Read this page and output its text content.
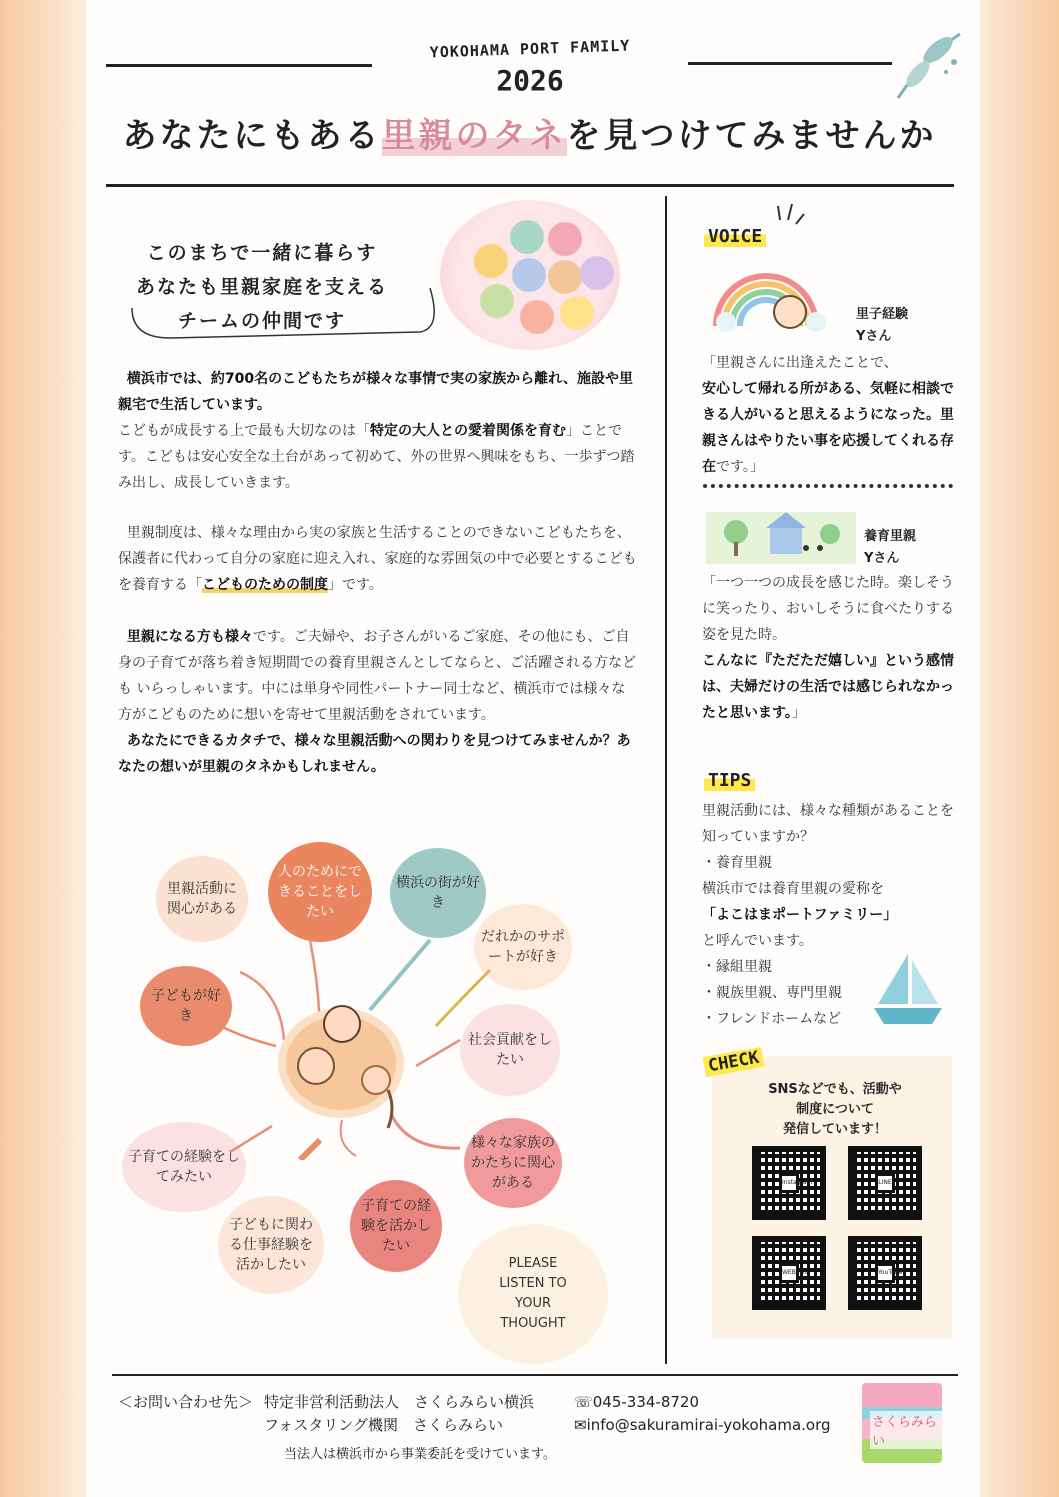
YOKOHAMA PORT FAMILY
2026
あなたにもある里親のタネを見つけてみませんか
このまちで一緒に暮らす
あなたも里親家庭を支える
チームの仲間です
横浜市では、約700名のこどもたちが様々な事情で実の家族から離れ、施設や里親宅で生活しています。
こどもが成長する上で最も大切なのは「特定の大人との愛着関係を育む」ことです。こどもは安心安全な土台があって初めて、外の世界へ興味をもち、一歩ずつ踏み出し、成長していきます。
里親制度は、様々な理由から実の家族と生活することのできないこどもたちを、保護者に代わって自分の家庭に迎え入れ、家庭的な雰囲気の中で必要とするこどもを養育する「こどものための制度」です。
里親になる方も様々です。ご夫婦や、お子さんがいるご家庭、その他にも、ご自身の子育てが落ち着き短期間での養育里親さんとしてならと、ご活躍される方なども いらっしゃいます。中には単身や同性パートナー同士など、横浜市では様々な方がこどものために想いを寄せて里親活動をされています。
あなたにできるカタチで、様々な里親活動への関わりを見つけてみませんか？あなたの想いが里親のタネかもしれません。
里親活動に関心がある
人のためにできることをしたい
横浜の街が好き
だれかのサポートが好き
子どもが好き
社会貢献をしたい
子育ての経験をしてみたい
様々な家族のかたちに関心がある
子どもに関わる仕事経験を活かしたい
子育ての経験を活かしたい
PLEASE LISTEN TO YOUR THOUGHT
VOICE
里子経験
Yさん
「里親さんに出逢えたことで、
安心して帰れる所がある、気軽に相談できる人がいると思えるようになった。里親さんはやりたい事を応援してくれる存在です。」
養育里親
Yさん
「一つ一つの成長を感じた時。楽しそうに笑ったり、おいしそうに食べたりする姿を見た時。
こんなに『ただただ嬉しい』という感情は、夫婦だけの生活では感じられなかったと思います。」
TIPS
里親活動には、様々な種類があることを知っていますか？
・養育里親
横浜市では養育里親の愛称を
「よこはまポートファミリー」
と呼んでいます。
・縁組里親
・親族里親、専門里親
・フレンドホームなど
CHECK
SNSなどでも、活動や
制度について
発信しています！
Instagram	LINE
WEBSITE	YouTube
＜お問い合わせ先＞ 特定非営利活動法人　さくらみらい横浜
フォスタリング機関　さくらみらい
☏045-334-8720
✉info@sakuramirai-yokohama.org
当法人は横浜市から事業委託を受けています。
さくらみらい
